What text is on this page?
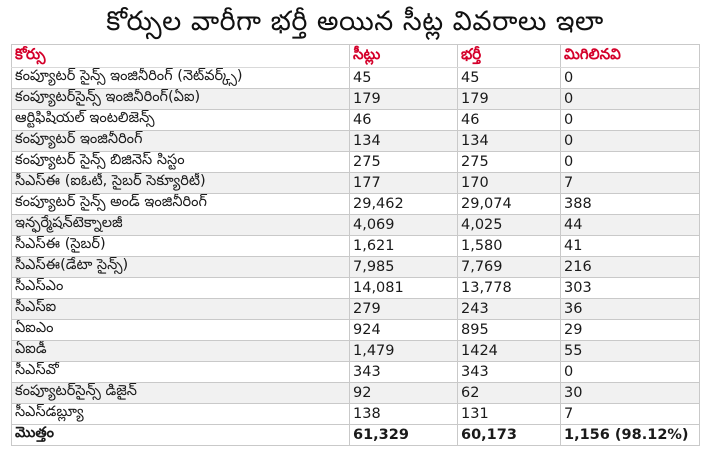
కోర్సుల వారీగా భర్తీ అయిన సీట్ల వివరాలు ఇలా
కోర్సు	సీట్లు	భర్తీ	మిగిలినవి
కంప్యూటర్ సైన్స్ ఇంజినీరింగ్ (నెట్‌వర్క్స్)	45	45	0
కంప్యూటర్‌సైన్స్ ఇంజినీరింగ్(ఏఐ)	179	179	0
ఆర్టిఫిషియల్ ఇంటలిజెన్స్	46	46	0
కంప్యూటర్ ఇంజినీరింగ్	134	134	0
కంప్యూటర్ సైన్స్ బిజినెస్ సిస్టం	275	275	0
సీఎస్ఈ (ఐఓటీ, సైబర్ సెక్యూరిటీ)	177	170	7
కంప్యూటర్ సైన్స్ అండ్ ఇంజినీరింగ్	29,462	29,074	388
ఇన్ఫర్మేషన్‌టెక్నాలజీ	4,069	4,025	44
సీఎస్ఈ (సైబర్)	1,621	1,580	41
సీఎస్ఈ(డేటా సైన్స్)	7,985	7,769	216
సీఎస్ఎం	14,081	13,778	303
సీఎస్ఐ	279	243	36
ఏఐఎం	924	895	29
ఏఐడీ	1,479	1424	55
సీఎస్‌వో	343	343	0
కంప్యూటర్‌సైన్స్ డిజైన్	92	62	30
సీఎస్‌డబ్ల్యూ	138	131	7
మొత్తం	61,329	60,173	1,156 (98.12%)
